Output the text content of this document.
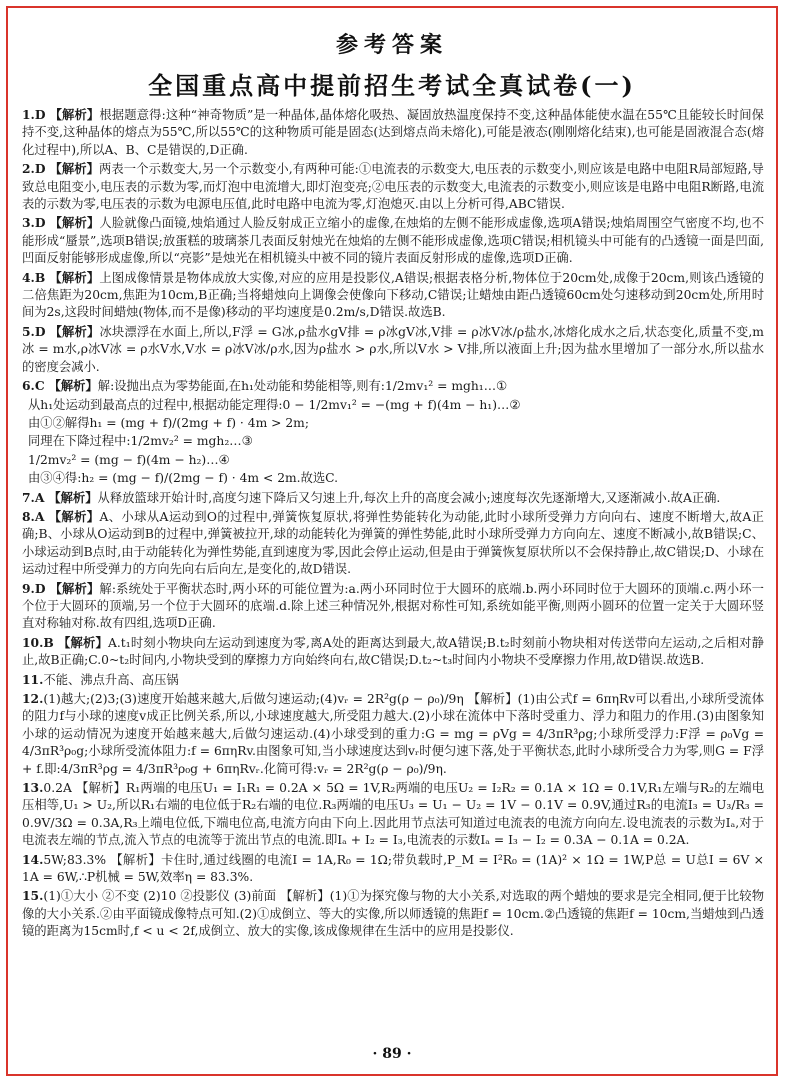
参考答案
全国重点高中提前招生考试全真试卷(一)
1.D 【解析】根据题意得:这种“神奇物质”是一种晶体,晶体熔化吸热、凝固放热温度保持不变,这种晶体能使水温在55℃且能较长时间保持不变,这种晶体的熔点为55℃,所以55℃的这种物质可能是固态(达到熔点尚未熔化),可能是液态(刚刚熔化结束),也可能是固液混合态(熔化过程中),所以A、B、C是错误的,D正确.
2.D 【解析】两表一个示数变大,另一个示数变小,有两种可能:①电流表的示数变大,电压表的示数变小,则应该是电路中电阻R局部短路,导致总电阻变小,电压表的示数为零,而灯泡中电流增大,即灯泡变亮;②电压表的示数变大,电流表的示数变小,则应该是电路中电阻R断路,电流表的示数为零,电压表的示数为电源电压值,此时电路中电流为零,灯泡熄灭.由以上分析可得,ABC错误.
3.D 【解析】人脸就像凸面镜,烛焰通过人脸反射成正立缩小的虚像,在烛焰的左侧不能形成虚像,选项A错误;烛焰周围空气密度不均,也不能形成“蜃景”,选项B错误;放蛋糕的玻璃茶几表面反射烛光在烛焰的左侧不能形成虚像,选项C错误;相机镜头中可能有的凸透镜一面是凹面,凹面反射能够形成虚像,所以“亮影”是烛光在相机镜头中被不同的镜片表面反射形成的虚像,选项D正确.
4.B 【解析】上图成像情景是物体成放大实像,对应的应用是投影仪,A错误;根据表格分析,物体位于20cm处,成像于20cm,则该凸透镜的二倍焦距为20cm,焦距为10cm,B正确;当将蜡烛向上调像会使像向下移动,C错误;让蜡烛由距凸透镜60cm处匀速移动到20cm处,所用时间为2s,这段时间蜡烛(物体,而不是像)移动的平均速度是0.2m/s,D错误.故选B.
5.D 【解析】冰块漂浮在水面上,所以,F浮 = G冰,ρ盐水gV排 = ρ冰gV冰,V排 = ρ冰V冰/ρ盐水,冰熔化成水之后,状态变化,质量不变,m冰 = m水,ρ冰V冰 = ρ水V水,V水 = ρ冰V冰/ρ水,因为ρ盐水 > ρ水,所以V水 > V排,所以液面上升;因为盐水里增加了一部分水,所以盐水的密度会减小.
6.C 【解析】解:设抛出点为零势能面,在h₁处动能和势能相等,则有:1/2mv₁² = mgh₁…①
从h₁处运动到最高点的过程中,根据动能定理得:0 − 1/2mv₁² = −(mg + f)(4m − h₁)…②
由①②解得h₁ = (mg + f)/(2mg + f) · 4m > 2m;
同理在下降过程中:1/2mv₂² = mgh₂…③
1/2mv₂² = (mg − f)(4m − h₂)…④
由③④得:h₂ = (mg − f)/(2mg − f) · 4m < 2m.故选C.
7.A 【解析】从释放篮球开始计时,高度匀速下降后又匀速上升,每次上升的高度会减小;速度每次先逐渐增大,又逐渐减小.故A正确.
8.A 【解析】A、小球从A运动到O的过程中,弹簧恢复原状,将弹性势能转化为动能,此时小球所受弹力方向向右、速度不断增大,故A正确;B、小球从O运动到B的过程中,弹簧被拉开,球的动能转化为弹簧的弹性势能,此时小球所受弹力方向向左、速度不断减小,故B错误;C、小球运动到B点时,由于动能转化为弹性势能,直到速度为零,因此会停止运动,但是由于弹簧恢复原状所以不会保持静止,故C错误;D、小球在运动过程中所受弹力的方向先向右后向左,是变化的,故D错误.
9.D 【解析】解:系统处于平衡状态时,两小环的可能位置为:a.两小环同时位于大圆环的底端.b.两小环同时位于大圆环的顶端.c.两小环一个位于大圆环的顶端,另一个位于大圆环的底端.d.除上述三种情况外,根据对称性可知,系统如能平衡,则两小圆环的位置一定关于大圆环竖直对称轴对称.故有四组,选项D正确.
10.B 【解析】A.t₁时刻小物块向左运动到速度为零,离A处的距离达到最大,故A错误;B.t₂时刻前小物块相对传送带向左运动,之后相对静止,故B正确;C.0~t₂时间内,小物块受到的摩擦力方向始终向右,故C错误;D.t₂~t₃时间内小物块不受摩擦力作用,故D错误.故选B.
11.不能、沸点升高、高压锅
12.(1)越大;(2)3;(3)速度开始越来越大,后做匀速运动;(4)vᵣ = 2R²g(ρ − ρ₀)/9η 【解析】(1)由公式f = 6πηRv可以看出,小球所受流体的阻力f与小球的速度v成正比例关系,所以,小球速度越大,所受阻力越大.(2)小球在流体中下落时受重力、浮力和阻力的作用.(3)由图象知小球的运动情况为速度开始越来越大,后做匀速运动.(4)小球受到的重力:G = mg = ρVg = 4/3πR³ρg;小球所受浮力:F浮 = ρ₀Vg = 4/3πR³ρ₀g;小球所受流体阻力:f = 6πηRv.由图象可知,当小球速度达到vᵣ时便匀速下落,处于平衡状态,此时小球所受合力为零,则G = F浮 + f.即:4/3πR³ρg = 4/3πR³ρ₀g + 6πηRvᵣ.化简可得:vᵣ = 2R²g(ρ − ρ₀)/9η.
13.0.2A 【解析】R₁两端的电压U₁ = I₁R₁ = 0.2A × 5Ω = 1V,R₂两端的电压U₂ = I₂R₂ = 0.1A × 1Ω = 0.1V,R₁左端与R₂的左端电压相等,U₁ > U₂,所以R₁右端的电位低于R₂右端的电位.R₃两端的电压U₃ = U₁ − U₂ = 1V − 0.1V = 0.9V,通过R₃的电流I₃ = U₃/R₃ = 0.9V/3Ω = 0.3A,R₃上端电位低,下端电位高,电流方向由下向上.因此用节点法可知道过电流表的电流方向向左.设电流表的示数为Iₐ,对于电流表左端的节点,流入节点的电流等于流出节点的电流.即Iₐ + I₂ = I₃,电流表的示数Iₐ = I₃ − I₂ = 0.3A − 0.1A = 0.2A.
14.5W;83.3% 【解析】卡住时,通过线圈的电流I = 1A,R₀ = 1Ω;带负载时,P_M = I²R₀ = (1A)² × 1Ω = 1W,P总 = U总I = 6V × 1A = 6W,∴P机械 = 5W,效率η = 83.3%.
15.(1)①大小 ②不变 (2)10 ②投影仪 (3)前面 【解析】(1)①为探究像与物的大小关系,对选取的两个蜡烛的要求是完全相同,便于比较物像的大小关系.②由平面镜成像特点可知.(2)①成倒立、等大的实像,所以师透镜的焦距f = 10cm.②凸透镜的焦距f = 10cm,当蜡烛到凸透镜的距离为15cm时,f < u < 2f,成倒立、放大的实像,该成像规律在生活中的应用是投影仪.
· 89 ·
